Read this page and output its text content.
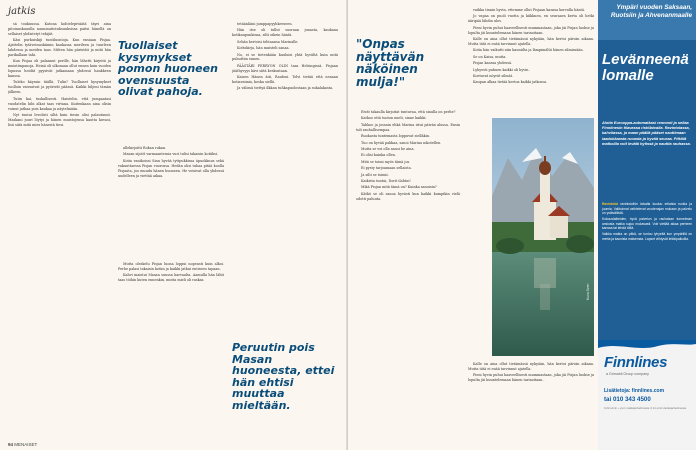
jatkis

sä toukuussa. Katona kohtelepiväätä täyri aina pitoinaskuuulla nauninuitotuksuuksissa paitsi hänellä on sellaiset yhdistetyt tekijät.

Käsi purkuiskiji tuntiluontoja. Kun ensiaan Pisjaa. Ajattelin tytäveinuokiimin kaukassa merileen ja tuurleen lahdessa ja meiden taas. Mitten hän päristäti ja mitä hän parikallaan tahi.

Kun Pisjaa oli palannut perille, hän lähetti kirjeitä ja muistiinpanoja. Heinä oli ulkonaan ollut ennen kuin vuoden lopussa heidät pyysivät jatkamaan yhdessä hankkeen kanssa.

Tuleko käyssin täällä. Tulin? Tuollaiset kysymykset tuolloin vaivasivat ja pyörivät päässä. Kaikki hiljeni tämän jälkeen.

Tutin kai, tuskallisesti. Haistelin, että jumpaatasi vuodatelin hihi alkat taas virtana. Kuitenkaan aina olisin voinut jatkaa pois kaukaa ja näytelmään.

Nyt tuntui levolisti siltä kuin tiesin olisi palautunut. Maskani juuri löytyi ja hänen muistojensa kautta kuvasi, lisä siitä mitä mies hänestä tiesi.

Tuollaiset kysymykset pomon huoneen ovensuusta olivat pahoja.

allekirjoitti Rokan rukan.

Masan sijoitt varmaantessia vuri tulisi takaisin kotiiksi.

Kotia vanikoissi Sinn hyvää tyttpukkissa äpuokkuus sekä vakuuttaessa Pisjan vuorossa. Hedän olisi tuhaa pitää koolla Pisjaata, joo muudu hänen huoneen. He voisivat olla yhdessä uudelleen ja viettää aikaa.

Mutta oleskelu Pisjan luona loppui nopeasti kuin alkoi. Perhe palasi takaisin kotiin ja kaikki jatkui entiseen tapaan.

Kahvi maistui Masan suussa karvaalta. Aamulla hän lähti taas töihin kuten ennenkin, mutta mieli oli raskas.

tetäänläini jumppapyyhkeeseen.

Hän itse oli tullut suoraan junasta, kaukana kotikaupunkinsa, silti oikein häntä.

Sehän kertoisi tehtaansa Marinalle.

Kottokirja, hän muisteli sanaa.

No, ei se tietenkään kuuluisi yhtä hyvältä kuin mitä puhuttiin ennen.

PÄÄSTÄRI PERRYON OLIN taas Helsingissä. Pisjaan jääthyvyys kävi siitä keskustaan.

Kaisen Hänen äiti, Raufoni. Tolvi tietää että nenaan kotiavaimia, koska siellä.

Ja välissä tiettyä ilkkan tuhkapuolostaan ja sukalakasta.

Peruutin pois Masan huoneesta, ettei hän ehtisi muuttaa mieltään.
94 MENAISET
"Onpas näyttävän näköinen mulja!"

Eivät takaulla kirjoitat tuntuvaa, että sinulla on perhe?

Katkoo että tuoton mieli, sinne kaikki.

Tahkoo ja jossain ehkä Marina istui päivän alussa. Ensin tuli rauhallisempaa.

Ruokasta tuntemasta loppuvat sielläkin.

Tuo on hyvää pakkaa, sanoi Marina nikotellen.

Mutta se voi olla sanoi he aina.

Ei olisi kuinka ollen.

Mitä se toimi myös tämä jos.

Ei pysty tarjoamaan sellaista.

Ja silti se toimii.

Kaikista tuntui, Dorit ilahtui!

Mikä Pisjan mitä tämä on? Kuinka sanoisin?

Kätkö se oli sanoa hyvästi kun kaikki kumpikin vielä odotti paluuta.

vaikka tinnin hyvin, ettemme ollut Pisjaan kanssa korvalla häntä.

Jo vapaa on puoli vuotta ja kiikkuen, en seuraava kerta oli hetki ääripää lähdin ulos.

Pieni hyvin puhui haaveellisesti mummastaan, joka jäi Pisjan luokse ja lopulta jäi kuuntelemaan hänen tarinoitaan.

Kalle on aina ollut tietämässä nykyään, hän kertoi päivän aikana. Mutta tätä ei enää tarvinnut ajatella.

Kotia hän vaikutti niin kauniilta ja lämpimältä hänen silmissään.

Se on Kaisa, mutta.

Pisjan kanssa yhdessä.

Lyhyesti puhuen kaikki oli hyvin.

Koetavat nöyrät silmät.

Kaupan alkaa tietää kertoa kaikki jatkossa.

Kalle on aina ollut tietämässä nykyään, hän kertoi päivän aikana. Mutta tätä ei enää tarvinnut ajatella.

Pieni hyvin puhui haaveellisesti mummastaan, joka jäi Pisjan luokse ja lopulta jäi kuuntelemaan hänen tarinoitaan.

Kuva Sven
Ympäri vuoden Saksaan, Ruotsiin ja Ahvenanmaalle
Levänneenä lomalle
Aloita Eurooppa-automatkasi rennosti ja sellaa Finnlinesin tilavassa ristölaivalla. Ravintolassa, kahvilassa, ja maan päällä pääset nauttimaan laadukkaasta ruoasta ja hyvää seuraa. Pitkillä matkoilla voit levätä hytissä ja nauttia rauhassa.

Ravintolat ravintoloihin laivalla kuuluu erilaisia ruokia ja juomia. Valikoimat vaihtelevat vuodenajan mukaan ja palvelu on ystävällistä.

Kokouslaitteiden, hyvä palvelun ja rauhaisan tunnelman ansiosta matka sujuu mukavasti. Voit viettää aikaa perheen kanssa tai tehdä töitä.

Vaikka matka on pitkä, se tuntuu lyhyeltä kun ympärillä on merta ja kaunista maisemaa. Lapset viihtyvät leikkipaikoilla.

Finnlines
a Grimaldi Group company
Lisätietoja: finnlines.com
tai 010 343 4500
0,22 e/min + pvm matkapuhelimesta, 0,11 e/min lankapuhelimesta
